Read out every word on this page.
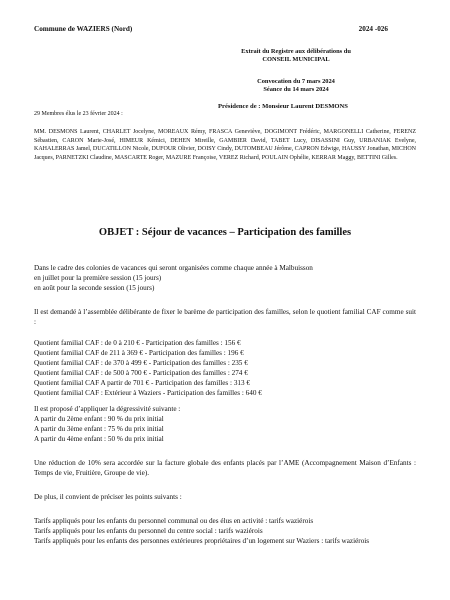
Commune de WAZIERS (Nord)	2024 -026
Extrait du Registre aux délibérations du
CONSEIL MUNICIPAL
Convocation du 7 mars 2024
Séance du 14 mars 2024
Présidence de : Monsieur Laurent DESMONS
29 Membres élus le 23 février 2024 :
MM. DESMONS Laurent, CHARLET Jocelyne, MOREAUX Rémy, FRASCA Geneviève, DOGIMONT Frédéric, MARGONELLI Catherine, FERENZ Sébastien, CARON Marie-José, HIMEUR Kémici, DEHEN Mireille, GAMBIER David, TABET Lucy, DISASSINI Guy, URBANIAK Evelyne, KAHALERRAS Jamel, DUCATILLON Nicole, DUFOUR Olivier, DOISY Cindy, DUTOMBEAU Jérôme, CAPRON Edwige, HAUSSY Jonathan, MICHON Jacques, PARNETZKI Claudine, MASCARTE Roger, MAZURE Françoise, VEREZ Richard, POULAIN Ophélie, KERRAR Maggy, BETTINI Gilles.
OBJET : Séjour de vacances – Participation des familles
Dans le cadre des colonies de vacances qui seront organisées comme chaque année à Malbuisson
en juillet pour la première session (15 jours)
en août pour la seconde session (15 jours)
Il est demandé à l’assemblée délibérante de fixer le barème de participation des familles, selon le quotient familial CAF comme suit :
Quotient familial CAF : de 0 à 210 € - Participation des familles : 156 €
Quotient familial CAF de 211 à 369 € - Participation des familles : 196 €
Quotient familial CAF : de 370 à 499 € - Participation des familles : 235 €
Quotient familial CAF : de 500 à 700 € - Participation des familles : 274 €
Quotient familial CAF A partir de 701 € - Participation des familles : 313 €
Quotient familial CAF : Extérieur à Waziers - Participation des familles : 640 €
Il est proposé d’appliquer la dégressivité suivante :
A partir du 2ème enfant : 90 % du prix initial
A partir du 3ème enfant : 75 % du prix initial
A partir du 4ème enfant : 50 % du prix initial
Une réduction de 10% sera accordée sur la facture globale des enfants placés par l’AME (Accompagnement Maison d’Enfants : Temps de vie, Fruitière, Groupe de vie).
De plus, il convient de préciser les points suivants :
Tarifs appliqués pour les enfants du personnel communal ou des élus en activité : tarifs waziérois
Tarifs appliqués pour les enfants du personnel du centre social : tarifs waziérois
Tarifs appliqués pour les enfants des personnes extérieures propriétaires d’un logement sur Waziers : tarifs waziérois
